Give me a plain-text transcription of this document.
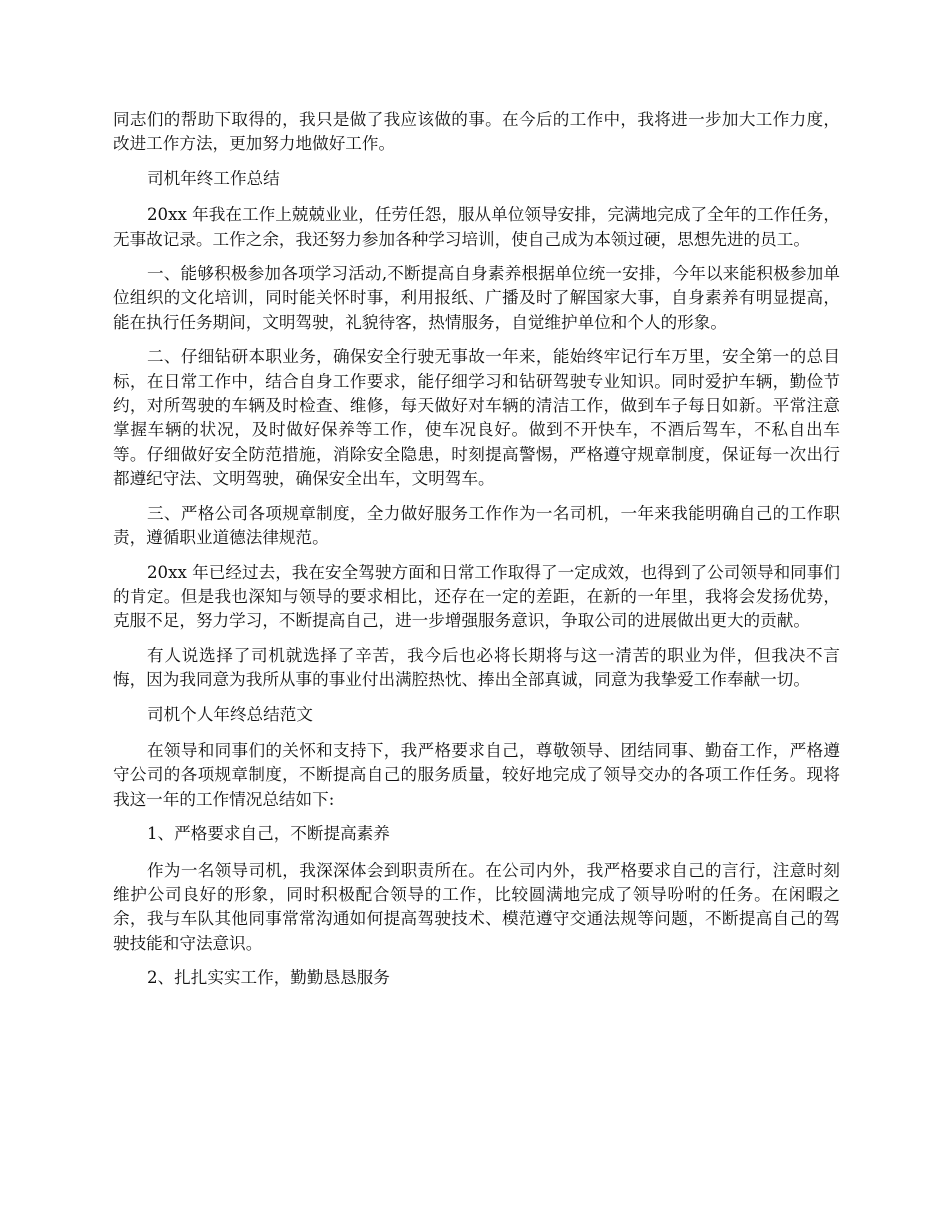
同志们的帮助下取得的，我只是做了我应该做的事。在今后的工作中，我将进一步加大工作力度，改进工作方法，更加努力地做好工作。

司机年终工作总结

20xx 年我在工作上兢兢业业，任劳任怨，服从单位领导安排，完满地完成了全年的工作任务，无事故记录。工作之余，我还努力参加各种学习培训，使自己成为本领过硬，思想先进的员工。

一、能够积极参加各项学习活动,不断提高自身素养根据单位统一安排，今年以来能积极参加单位组织的文化培训，同时能关怀时事，利用报纸、广播及时了解国家大事，自身素养有明显提高，能在执行任务期间，文明驾驶，礼貌待客，热情服务，自觉维护单位和个人的形象。

二、仔细钻研本职业务，确保安全行驶无事故一年来，能始终牢记行车万里，安全第一的总目标，在日常工作中，结合自身工作要求，能仔细学习和钻研驾驶专业知识。同时爱护车辆，勤俭节约，对所驾驶的车辆及时检查、维修，每天做好对车辆的清洁工作，做到车子每日如新。平常注意掌握车辆的状况，及时做好保养等工作，使车况良好。做到不开快车，不酒后驾车，不私自出车等。仔细做好安全防范措施，消除安全隐患，时刻提高警惕，严格遵守规章制度，保证每一次出行都遵纪守法、文明驾驶，确保安全出车，文明驾车。

三、严格公司各项规章制度，全力做好服务工作作为一名司机，一年来我能明确自己的工作职责，遵循职业道德法律规范。

20xx 年已经过去，我在安全驾驶方面和日常工作取得了一定成效，也得到了公司领导和同事们的肯定。但是我也深知与领导的要求相比，还存在一定的差距，在新的一年里，我将会发扬优势，克服不足，努力学习，不断提高自己，进一步增强服务意识，争取公司的进展做出更大的贡献。

有人说选择了司机就选择了辛苦，我今后也必将长期将与这一清苦的职业为伴，但我决不言悔，因为我同意为我所从事的事业付出满腔热忱、捧出全部真诚，同意为我挚爱工作奉献一切。

司机个人年终总结范文

在领导和同事们的关怀和支持下，我严格要求自己，尊敬领导、团结同事、勤奋工作，严格遵守公司的各项规章制度，不断提高自己的服务质量，较好地完成了领导交办的各项工作任务。现将我这一年的工作情况总结如下:

1、严格要求自己，不断提高素养

作为一名领导司机，我深深体会到职责所在。在公司内外，我严格要求自己的言行，注意时刻维护公司良好的形象，同时积极配合领导的工作，比较圆满地完成了领导吩咐的任务。在闲暇之余，我与车队其他同事常常沟通如何提高驾驶技术、模范遵守交通法规等问题，不断提高自己的驾驶技能和守法意识。

2、扎扎实实工作，勤勤恳恳服务
